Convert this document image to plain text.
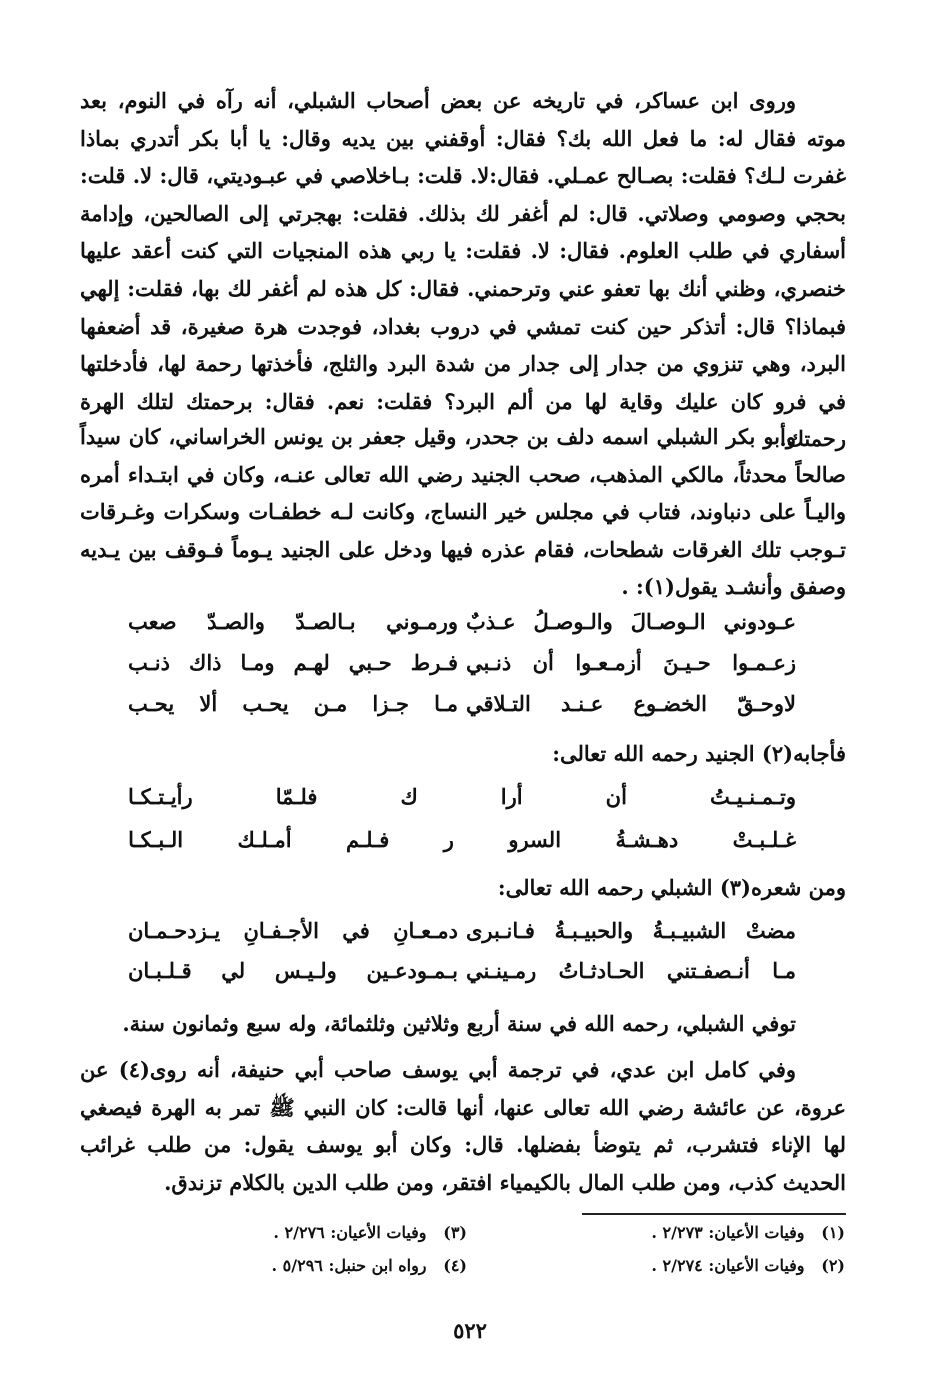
وروى ابن عساكر، في تاريخه عن بعض أصحاب الشبلي، أنه رآه في النوم، بعد موته فقال له: ما فعل الله بك؟ فقال: أوقفني بين يديه وقال: يا أبا بكر أتدري بماذا غفرت لـك؟ فقلت: بصـالح عمـلي. فقال:لا. قلت: بـاخلاصي في عبـوديتي، قال: لا. قلت: بحجي وصومي وصلاتي. قال: لم أغفر لك بذلك. فقلت: بهجرتي إلى الصالحين، وإدامة أسفاري في طلب العلوم. فقال: لا. فقلت: يا ربي هذه المنجيات التي كنت أعقد عليها خنصري، وظني أنك بها تعفو عني وترحمني. فقال: كل هذه لم أغفر لك بها، فقلت: إلهي فبماذا؟ قال: أتذكر حين كنت تمشي في دروب بغداد، فوجدت هرة صغيرة، قد أضعفها البرد، وهي تنزوي من جدار إلى جدار من شدة البرد والثلج، فأخذتها رحمة لها، فأدخلتها في فرو كان عليك وقاية لها من ألم البرد؟ فقلت: نعم. فقال: برحمتك لتلك الهرة رحمتك.

وأبو بكر الشبلي اسمه دلف بن جحدر، وقيل جعفر بن يونس الخراساني، كان سيداً صالحاً محدثاً، مالكي المذهب، صحب الجنيد رضي الله تعالى عنـه، وكان في ابتـداء أمره واليـاً على دنباوند، فتاب في مجلس خير النساج، وكانت لـه خطفـات وسكرات وغـرقات تـوجب تلك الغرقات شطحات، فقام عذره فيها ودخل على الجنيد يـوماً فـوقف بين يـديه وصفق وأنشـد يقول(١): .

عـودوني الـوصـالَ والـوصـلُ عـذبٌ
ورمـوني بـالصـدّ والصـدّ صعب
زعـمـوا حـيـنَ أزمـعـوا أن ذنـبي
فـرط حـبي لهـم ومـا ذاك ذنـب
لاوحـقّ الخضـوع عـنـد التـلاقي
مـا جـزا مـن يحـب ألا يحـب

فأجابه(٢) الجنيد رحمه الله تعالى:

وتـمـنـيـتُ
أن
أرا
ك
فلـمّا
رأيـتـكـا
غـلـبـتْ
دهـشـةُ
السرو
ر
فـلـم
أمـلـك
الـبـكـا

ومن شعره(٣) الشبلي رحمه الله تعالى:

مضتْ الشبيـبـةُ والحبيـبـةُ فـانـبرى
دمـعـانِ في الأجـفـانِ يـزدحـمـان
مـا أنـصفـتني الحـادثـاتُ رمـينـني
بـمـودعـين ولـيـس لي قـلـبـان

توفي الشبلي، رحمه الله في سنة أربع وثلاثين وثلثمائة، وله سبع وثمانون سنة.

وفي كامل ابن عدي، في ترجمة أبي يوسف صاحب أبي حنيفة، أنه روى(٤) عن عروة، عن عائشة رضي الله تعالى عنها، أنها قالت: كان النبي ﷺ تمر به الهرة فيصغي لها الإناء فتشرب، ثم يتوضأ بفضلها. قال: وكان أبو يوسف يقول: من طلب غرائب الحديث كذب، ومن طلب المال بالكيمياء افتقر، ومن طلب الدين بالكلام تزندق.

(١)   وفيات الأعيان: ٢/٢٧٣ .
(٣)   وفيات الأعيان: ٢/٢٧٦ .
(٢)   وفيات الأعيان: ٢/٢٧٤ .
(٤)   رواه ابن حنبل: ٥/٢٩٦ .
٥٢٢
